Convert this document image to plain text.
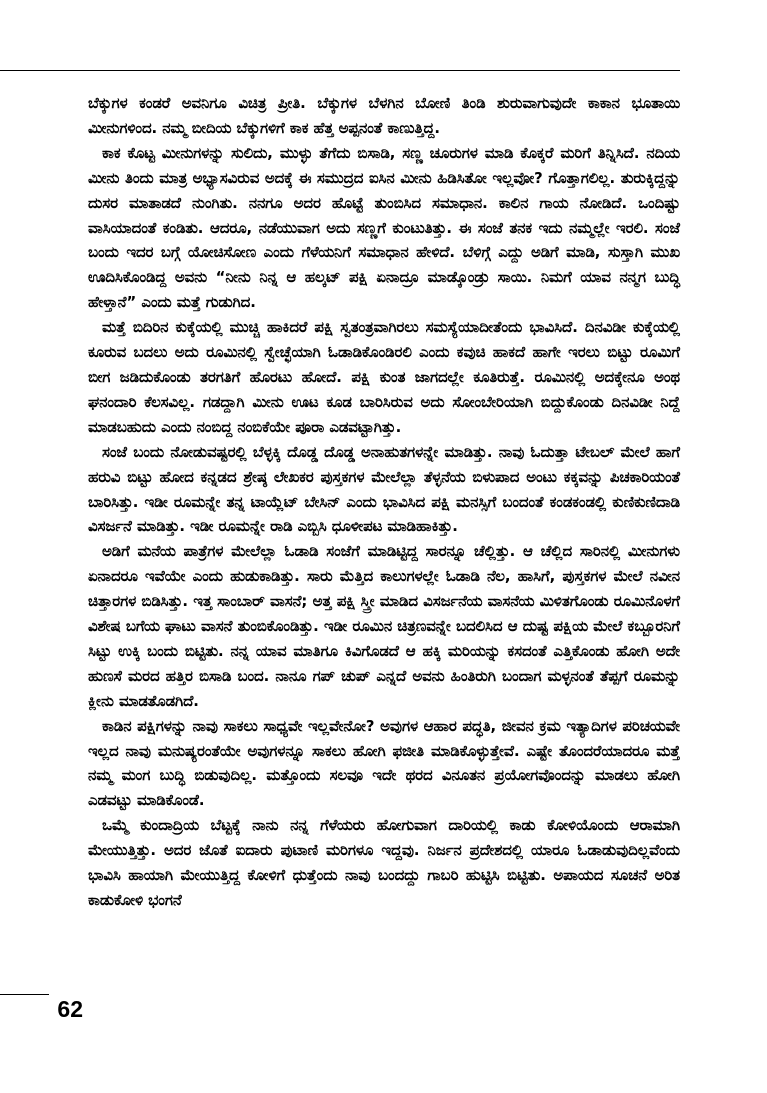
ಬೆಕ್ಕುಗಳ ಕಂಡರೆ ಅವನಿಗೂ ವಿಚಿತ್ರ ಪ್ರೀತಿ. ಬೆಕ್ಕುಗಳ ಬೆಳಗಿನ ಬೋಣಿ ತಿಂಡಿ ಶುರುವಾಗುವುದೇ ಕಾಕಾನ ಭೂತಾಯಿ ಮೀನುಗಳಿಂದ. ನಮ್ಮ ಬೀದಿಯ ಬೆಕ್ಕುಗಳಿಗೆ ಕಾಕ ಹೆತ್ತ ಅಪ್ಪನಂತೆ ಕಾಣುತ್ತಿದ್ದ.

ಕಾಕ ಕೊಟ್ಟ ಮೀನುಗಳನ್ನು ಸುಲಿದು, ಮುಳ್ಳು ತೆಗೆದು ಬಿಸಾಡಿ, ಸಣ್ಣ ಚೂರುಗಳ ಮಾಡಿ ಕೊಕ್ಕರೆ ಮರಿಗೆ ತಿನ್ನಿಸಿದೆ. ನದಿಯ ಮೀನು ತಿಂದು ಮಾತ್ರ ಅಭ್ಯಾಸವಿರುವ ಅದಕ್ಕೆ ಈ ಸಮುದ್ರದ ಐಸಿನ ಮೀನು ಹಿಡಿಸಿತೋ ಇಲ್ಲವೋ? ಗೊತ್ತಾಗಲಿಲ್ಲ. ತುರುಕ್ಕಿದ್ದನ್ನು ದುಸರ ಮಾತಾಡದೆ ನುಂಗಿತು. ನನಗೂ ಅದರ ಹೊಟ್ಟೆ ತುಂಬಿಸಿದ ಸಮಾಧಾನ. ಕಾಲಿನ ಗಾಯ ನೋಡಿದೆ. ಒಂದಿಷ್ಟು ವಾಸಿಯಾದಂತೆ ಕಂಡಿತು. ಆದರೂ, ನಡೆಯುವಾಗ ಅದು ಸಣ್ಣಗೆ ಕುಂಟುತಿತ್ತು. ಈ ಸಂಜೆ ತನಕ ಇದು ನಮ್ಮಲ್ಲೇ ಇರಲಿ. ಸಂಜೆ ಬಂದು ಇದರ ಬಗ್ಗೆ ಯೋಚಿಸೋಣ ಎಂದು ಗೆಳೆಯನಿಗೆ ಸಮಾಧಾನ ಹೇಳಿದೆ. ಬೆಳಿಗ್ಗೆ ಎದ್ದು ಅಡಿಗೆ ಮಾಡಿ, ಸುಸ್ತಾಗಿ ಮುಖ ಊದಿಸಿಕೊಂಡಿದ್ದ ಅವನು “ನೀನು ನಿನ್ನ ಆ ಹಲ್ಕಟ್ ಪಕ್ಷಿ ಏನಾದ್ರೂ ಮಾಡ್ಕೊಂಡ್ರು ಸಾಯಿ. ನಿಮಗೆ ಯಾವ ನನ್ಮಗ ಬುದ್ಧಿ ಹೇಳ್ತಾನೆ” ಎಂದು ಮತ್ತೆ ಗುಡುಗಿದ.

ಮತ್ತೆ ಬಿದಿರಿನ ಕುಕ್ಕೆಯಲ್ಲಿ ಮುಚ್ಚಿ ಹಾಕಿದರೆ ಪಕ್ಷಿ ಸ್ವತಂತ್ರವಾಗಿರಲು ಸಮಸ್ಯೆಯಾದೀತೆಂದು ಭಾವಿಸಿದೆ. ದಿನವಿಡೀ ಕುಕ್ಕೆಯಲ್ಲಿ ಕೂರುವ ಬದಲು ಅದು ರೂಮಿನಲ್ಲಿ ಸ್ವೇಚ್ಛೆಯಾಗಿ ಓಡಾಡಿಕೊಂಡಿರಲಿ ಎಂದು ಕವುಚಿ ಹಾಕದೆ ಹಾಗೇ ಇರಲು ಬಿಟ್ಟು ರೂಮಿಗೆ ಬೀಗ ಜಡಿದುಕೊಂಡು ತರಗತಿಗೆ ಹೊರಟು ಹೋದೆ. ಪಕ್ಷಿ ಕುಂತ ಜಾಗದಲ್ಲೇ ಕೂತಿರುತ್ತೆ. ರೂಮಿನಲ್ಲಿ ಅದಕ್ಕೇನೂ ಅಂಥ ಘನಂದಾರಿ ಕೆಲಸವಿಲ್ಲ. ಗಡದ್ದಾಗಿ ಮೀನು ಊಟ ಕೂಡ ಬಾರಿಸಿರುವ ಅದು ಸೋಂಬೇರಿಯಾಗಿ ಬಿದ್ದುಕೊಂಡು ದಿನವಿಡೀ ನಿದ್ದೆ ಮಾಡಬಹುದು ಎಂದು ನಂಬಿದ್ದ ನಂಬಿಕೆಯೇ ಪೂರಾ ಎಡವಟ್ಟಾಗಿತ್ತು.

ಸಂಜೆ ಬಂದು ನೋಡುವಷ್ಟರಲ್ಲಿ ಬೆಳ್ಳಕ್ಕಿ ದೊಡ್ಡ ದೊಡ್ಡ ಅನಾಹುತಗಳನ್ನೇ ಮಾಡಿತ್ತು. ನಾವು ಓದುತ್ತಾ ಟೇಬಲ್ ಮೇಲೆ ಹಾಗೆ ಹರುವಿ ಬಿಟ್ಟು ಹೋದ ಕನ್ನಡದ ಶ್ರೇಷ್ಠ ಲೇಖಕರ ಪುಸ್ತಕಗಳ ಮೇಲೆಲ್ಲಾ ತೆಳ್ಳನೆಯ ಬಿಳುಪಾದ ಅಂಟು ಕಕ್ಕವನ್ನು ಪಿಚಕಾರಿಯಂತೆ ಬಾರಿಸಿತ್ತು. ಇಡೀ ರೂಮನ್ನೇ ತನ್ನ ಟಾಯ್ಲೆಟ್ ಬೇಸಿನ್ ಎಂದು ಭಾವಿಸಿದ ಪಕ್ಷಿ ಮನಸ್ಸಿಗೆ ಬಂದಂತೆ ಕಂಡಕಂಡಲ್ಲಿ ಕುಣಿಕುಣಿದಾಡಿ ವಿಸರ್ಜನೆ ಮಾಡಿತ್ತು. ಇಡೀ ರೂಮನ್ನೇ ರಾಡಿ ಎಬ್ಬಿಸಿ ಧೂಳೀಪಟ ಮಾಡಿಹಾಕಿತ್ತು.

ಅಡಿಗೆ ಮನೆಯ ಪಾತ್ರೆಗಳ ಮೇಲೆಲ್ಲಾ ಓಡಾಡಿ ಸಂಜೆಗೆ ಮಾಡಿಟ್ಟಿದ್ದ ಸಾರನ್ನೂ ಚೆಲ್ಲಿತ್ತು. ಆ ಚೆಲ್ಲಿದ ಸಾರಿನಲ್ಲಿ ಮೀನುಗಳು ಏನಾದರೂ ಇವೆಯೇ ಎಂದು ಹುಡುಕಾಡಿತ್ತು. ಸಾರು ಮೆತ್ತಿದ ಕಾಲುಗಳಲ್ಲೇ ಓಡಾಡಿ ನೆಲ, ಹಾಸಿಗೆ, ಪುಸ್ತಕಗಳ ಮೇಲೆ ನವೀನ ಚಿತ್ತಾರಗಳ ಬಿಡಿಸಿತ್ತು. ಇತ್ತ ಸಾಂಬಾರ್ ವಾಸನೆ; ಅತ್ತ ಪಕ್ಷಿ ಸ್ತ್ರೀ ಮಾಡಿದ ವಿಸರ್ಜನೆಯ ವಾಸನೆಯ ಮಿಳಿತಗೊಂಡು ರೂಮಿನೊಳಗೆ ವಿಶೇಷ ಬಗೆಯ ಘಾಟು ವಾಸನೆ ತುಂಬಿಕೊಂಡಿತ್ತು. ಇಡೀ ರೂಮಿನ ಚಿತ್ರಣವನ್ನೇ ಬದಲಿಸಿದ ಆ ದುಷ್ಟ ಪಕ್ಷಿಯ ಮೇಲೆ ಕಬ್ಬೂರನಿಗೆ ಸಿಟ್ಟು ಉಕ್ಕಿ ಬಂದು ಬಿಟ್ಟಿತು. ನನ್ನ ಯಾವ ಮಾತಿಗೂ ಕಿವಿಗೊಡದೆ ಆ ಹಕ್ಕಿ ಮರಿಯನ್ನು ಕಸದಂತೆ ಎತ್ತಿಕೊಂಡು ಹೋಗಿ ಅದೇ ಹುಣಸೆ ಮರದ ಹತ್ತಿರ ಬಿಸಾಡಿ ಬಂದ. ನಾನೂ ಗಪ್ ಚುಪ್ ಎನ್ನದೆ ಅವನು ಹಿಂತಿರುಗಿ ಬಂದಾಗ ಮಳ್ಳನಂತೆ ತೆಪ್ಪಗೆ ರೂಮನ್ನು ಕ್ಲೀನು ಮಾಡತೊಡಗಿದೆ.

ಕಾಡಿನ ಪಕ್ಷಿಗಳನ್ನು ನಾವು ಸಾಕಲು ಸಾಧ್ಯವೇ ಇಲ್ಲವೇನೋ? ಅವುಗಳ ಆಹಾರ ಪದ್ಧತಿ, ಜೀವನ ಕ್ರಮ ಇತ್ಯಾದಿಗಳ ಪರಿಚಯವೇ ಇಲ್ಲದ ನಾವು ಮನುಷ್ಯರಂತೆಯೇ ಅವುಗಳನ್ನೂ ಸಾಕಲು ಹೋಗಿ ಫಜೀತಿ ಮಾಡಿಕೊಳ್ಳುತ್ತೇವೆ. ಎಷ್ಟೇ ತೊಂದರೆಯಾದರೂ ಮತ್ತೆ ನಮ್ಮ ಮಂಗ ಬುದ್ಧಿ ಬಿಡುವುದಿಲ್ಲ. ಮತ್ತೊಂದು ಸಲವೂ ಇದೇ ಥರದ ವಿನೂತನ ಪ್ರಯೋಗವೊಂದನ್ನು ಮಾಡಲು ಹೋಗಿ ಎಡವಟ್ಟು ಮಾಡಿಕೊಂಡೆ.

ಒಮ್ಮೆ ಕುಂದಾದ್ರಿಯ ಬೆಟ್ಟಕ್ಕೆ ನಾನು ನನ್ನ ಗೆಳೆಯರು ಹೋಗುವಾಗ ದಾರಿಯಲ್ಲಿ ಕಾಡು ಕೋಳಿಯೊಂದು ಆರಾಮಾಗಿ ಮೇಯುತ್ತಿತ್ತು. ಅದರ ಜೊತೆ ಐದಾರು ಪುಟಾಣಿ ಮರಿಗಳೂ ಇದ್ದವು. ನಿರ್ಜನ ಪ್ರದೇಶದಲ್ಲಿ ಯಾರೂ ಓಡಾಡುವುದಿಲ್ಲವೆಂದು ಭಾವಿಸಿ ಹಾಯಾಗಿ ಮೇಯುತ್ತಿದ್ದ ಕೋಳಿಗೆ ಧುತ್ತೆಂದು ನಾವು ಬಂದದ್ದು ಗಾಬರಿ ಹುಟ್ಟಿಸಿ ಬಿಟ್ಟಿತು. ಅಪಾಯದ ಸೂಚನೆ ಅರಿತ ಕಾಡುಕೋಳಿ ಭಂಗನೆ

62
